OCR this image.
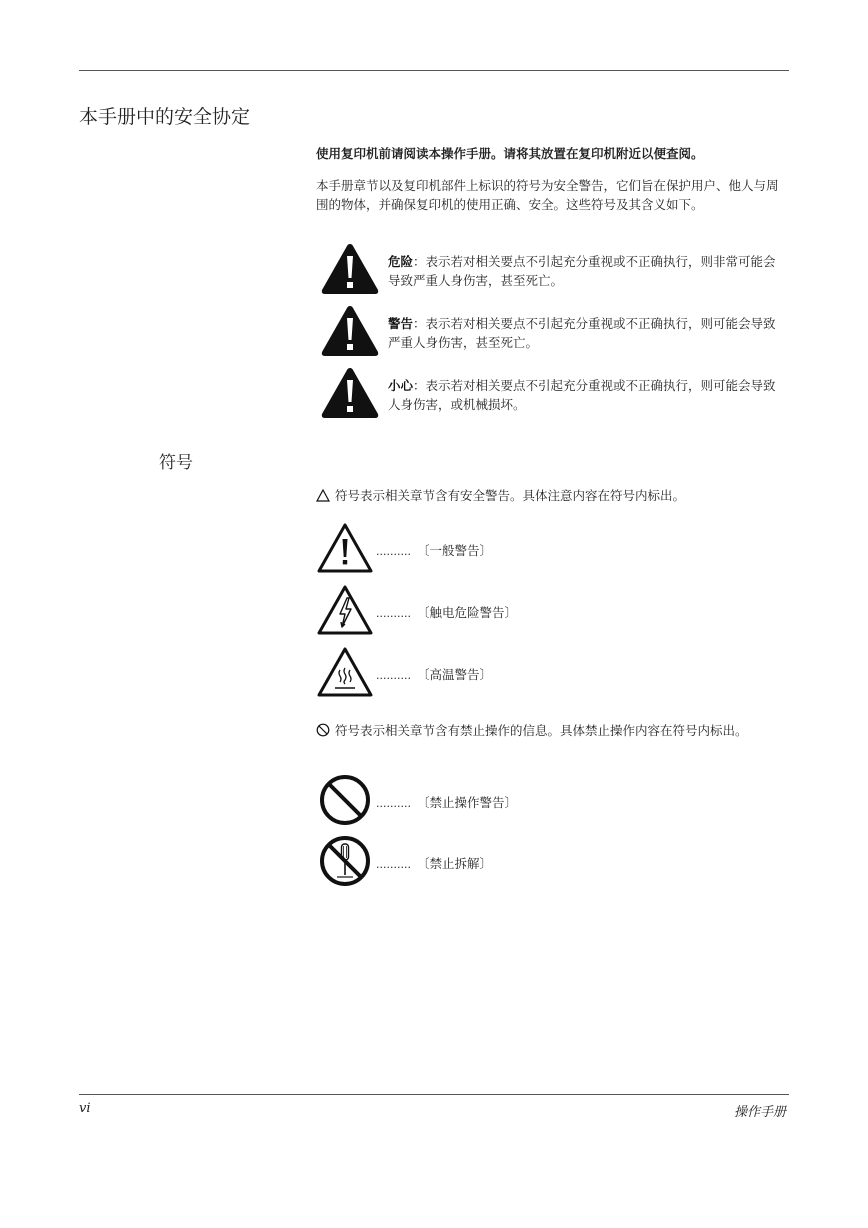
本手册中的安全协定
使用复印机前请阅读本操作手册。请将其放置在复印机附近以便查阅。
本手册章节以及复印机部件上标识的符号为安全警告，它们旨在保护用户、他人与周围的物体，并确保复印机的使用正确、安全。这些符号及其含义如下。
危险：表示若对相关要点不引起充分重视或不正确执行，则非常可能会导致严重人身伤害，甚至死亡。
警告：表示若对相关要点不引起充分重视或不正确执行，则可能会导致严重人身伤害，甚至死亡。
小心：表示若对相关要点不引起充分重视或不正确执行，则可能会导致人身伤害，或机械损坏。
符号
符号表示相关章节含有安全警告。具体注意内容在符号内标出。
.......... 〔一般警告〕
.......... 〔触电危险警告〕
.......... 〔高温警告〕
符号表示相关章节含有禁止操作的信息。具体禁止操作内容在符号内标出。
.......... 〔禁止操作警告〕
.......... 〔禁止拆解〕
vi	操作手册
